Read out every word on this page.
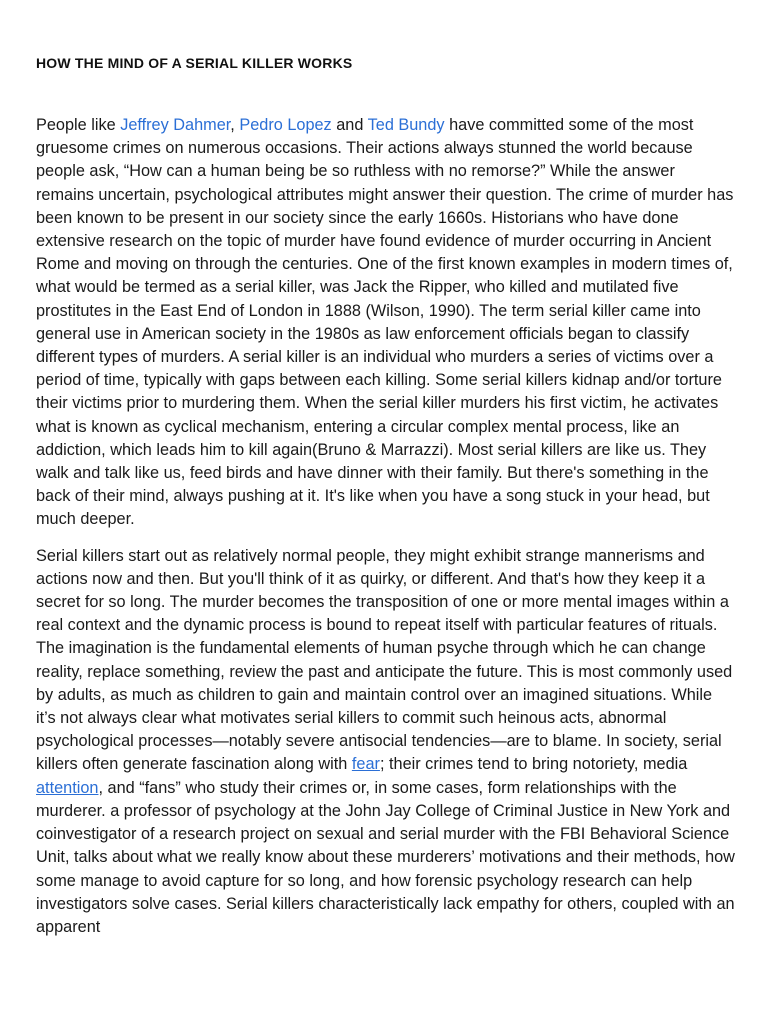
HOW THE MIND OF A SERIAL KILLER WORKS

People like Jeffrey Dahmer, Pedro Lopez and Ted Bundy have committed some of the most gruesome crimes on numerous occasions. Their actions always stunned the world because people ask, “How can a human being be so ruthless with no remorse?” While the answer remains uncertain, psychological attributes might answer their question. The crime of murder has been known to be present in our society since the early 1660s. Historians who have done extensive research on the topic of murder have found evidence of murder occurring in Ancient Rome and moving on through the centuries. One of the first known examples in modern times of, what would be termed as a serial killer, was Jack the Ripper, who killed and mutilated five prostitutes in the East End of London in 1888 (Wilson, 1990). The term serial killer came into general use in American society in the 1980s as law enforcement officials began to classify different types of murders. A serial killer is an individual who murders a series of victims over a period of time, typically with gaps between each killing. Some serial killers kidnap and/or torture their victims prior to murdering them. When the serial killer murders his first victim, he activates what is known as cyclical mechanism, entering a circular complex mental process, like an addiction, which leads him to kill again(Bruno & Marrazzi). Most serial killers are like us. They walk and talk like us, feed birds and have dinner with their family. But there's something in the back of their mind, always pushing at it. It's like when you have a song stuck in your head, but much deeper.

Serial killers start out as relatively normal people, they might exhibit strange mannerisms and actions now and then. But you'll think of it as quirky, or different. And that's how they keep it a secret for so long. The murder becomes the transposition of one or more mental images within a real context and the dynamic process is bound to repeat itself with particular features of rituals. The imagination is the fundamental elements of human psyche through which he can change reality, replace something, review the past and anticipate the future. This is most commonly used by adults, as much as children to gain and maintain control over an imagined situations. While it’s not always clear what motivates serial killers to commit such heinous acts, abnormal psychological processes—notably severe antisocial tendencies—are to blame. In society, serial killers often generate fascination along with fear; their crimes tend to bring notoriety, media attention, and “fans” who study their crimes or, in some cases, form relationships with the murderer. a professor of psychology at the John Jay College of Criminal Justice in New York and coinvestigator of a research project on sexual and serial murder with the FBI Behavioral Science Unit, talks about what we really know about these murderers’ motivations and their methods, how some manage to avoid capture for so long, and how forensic psychology research can help investigators solve cases. Serial killers characteristically lack empathy for others, coupled with an apparent
